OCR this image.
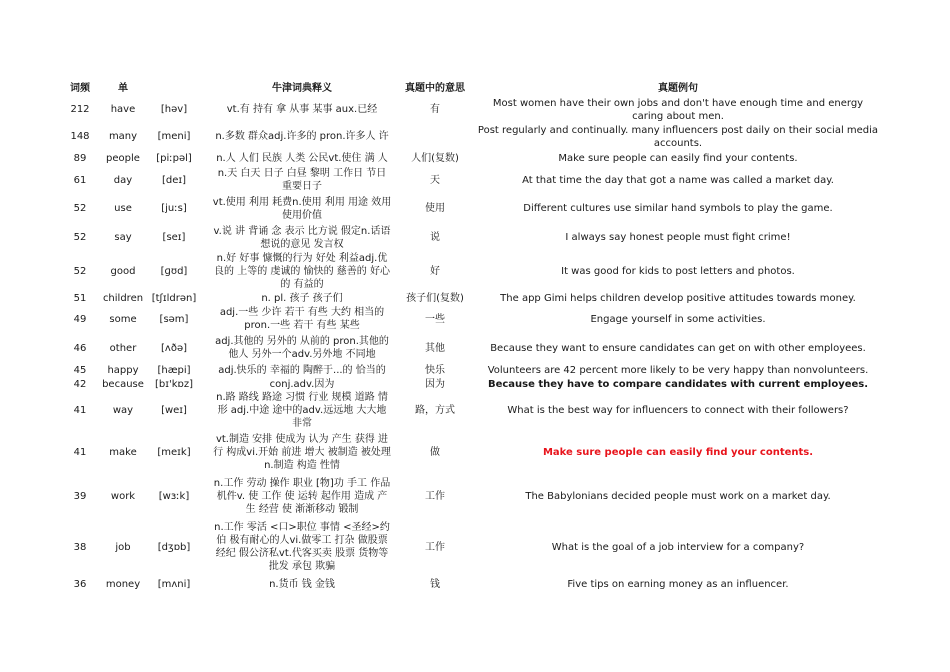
词频	单		牛津词典释义	真题中的意思	真题例句
212	have	[həv]	vt.有 持有 拿 从事 某事 aux.已经	有	Most women have their own jobs and don't have enough time and energy caring about men.
148	many	[meni]	n.多数 群众adj.许多的 pron.许多人 许		Post regularly and continually. many influencers post daily on their social media accounts.
89	people	[piːpəl]	n.人 人们 民族 人类 公民vt.使住 满 人	人们(复数)	Make sure people can easily find your contents.
61	day	[deɪ]	n.天 白天 日子 白昼 黎明 工作日 节日 重要日子	天	At that time the day that got a name was called a market day.
52	use	[juːs]	vt.使用 利用 耗费n.使用 利用 用途 效用 使用价值	使用	Different cultures use similar hand symbols to play the game.
52	say	[seɪ]	v.说 讲 背诵 念 表示 比方说 假定n.话语 想说的意见 发言权	说	I always say honest people must fight crime!
52	good	[ɡʊd]	n.好 好事 慷慨的行为 好处 利益adj.优良的 上等的 虔诚的 愉快的 慈善的 好心的 有益的	好	It was good for kids to post letters and photos.
51	children	[tʃɪldrən]	n. pl. 孩子 孩子们	孩子们(复数)	The app Gimi helps children develop positive attitudes towards money.
49	some	[səm]	adj.一些 少许 若干 有些 大约 相当的 pron.一些 若干 有些 某些	一些	Engage yourself in some activities.
46	other	[ʌðə]	adj.其他的 另外的 从前的 pron.其他的 他人 另外一个adv.另外地 不同地	其他	Because they want to ensure candidates can get on with other employees.
45	happy	[hæpi]	adj.快乐的 幸福的 陶醉于...的 恰当的	快乐	Volunteers are 42 percent more likely to be very happy than nonvolunteers.
42	because	[bɪ'kɒz]	conj.adv.因为	因为	Because they have to compare candidates with current employees.
41	way	[weɪ]	n.路 路线 路途 习惯 行业 规模 道路 情形 adj.中途 途中的adv.远远地 大大地 非常	路，方式	What is the best way for influencers to connect with their followers?
41	make	[meɪk]	vt.制造 安排 使成为 认为 产生 获得 进行 构成vi.开始 前进 增大 被制造 被处理n.制造 构造 性情	做	Make sure people can easily find your contents.
39	work	[wɜːk]	n.工作 劳动 操作 职业 [物]功 手工 作品 机件v. 使 工作 使 运转 起作用 造成 产生 经营 使 渐渐移动 锻制	工作	The Babylonians decided people must work on a market day.
38	job	[dʒɒb]	n.工作 零活 <口>职位 事情 <圣经>约伯 极有耐心的人vi.做零工 打杂 做股票经纪 假公济私vt.代客买卖 股票 货物等 批发 承包 欺骗	工作	What is the goal of a job interview for a company?
36	money	[mʌni]	n.货币 钱 金钱	钱	Five tips on earning money as an influencer.
